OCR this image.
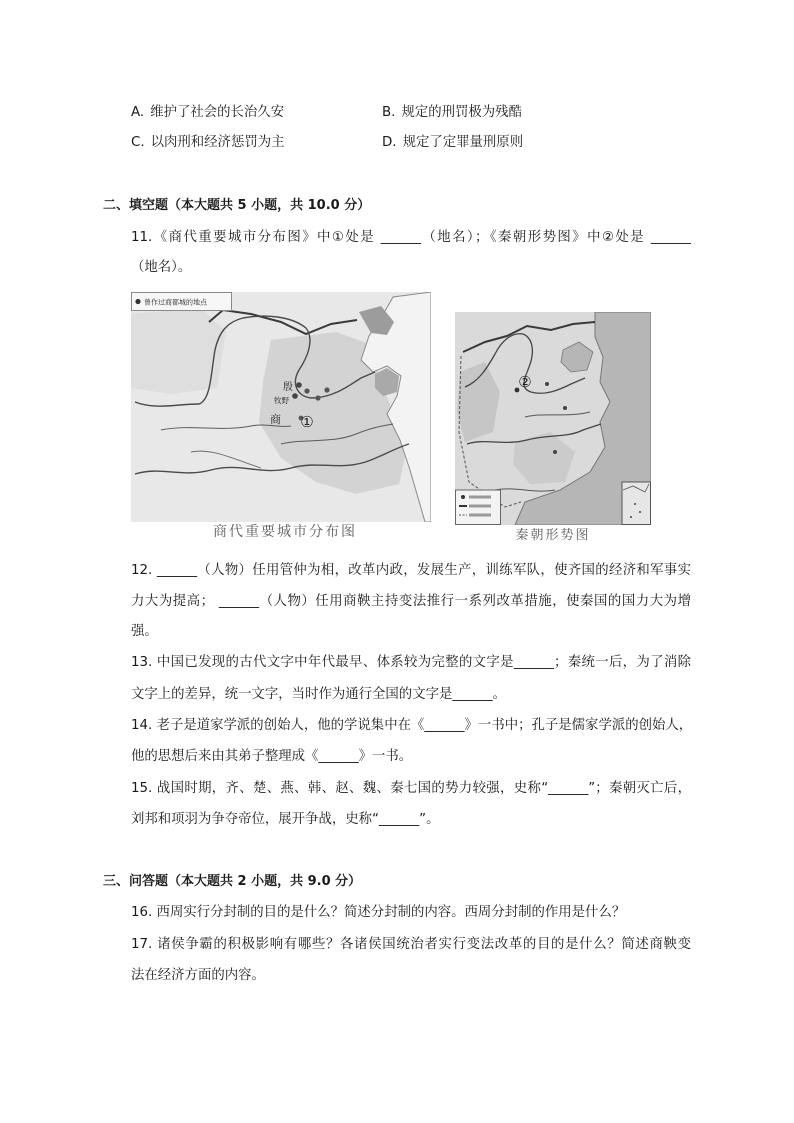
A. 维护了社会的长治久安	B. 规定的刑罚极为残酷
C. 以肉刑和经济惩罚为主	D. 规定了定罪量刑原则
二、填空题（本大题共 5 小题，共 10.0 分）
11.《商代重要城市分布图》中①处是 ______（地名）；《秦朝形势图》中②处是 ______
（地名）。
曾作过商都城的地点
殷
牧野
商 ①
商代重要城市分布图
②
秦朝形势图
12. ______（人物）任用管仲为相，改革内政，发展生产，训练军队，使齐国的经济和军事实
力大为提高； ______（人物）任用商鞅主持变法推行一系列改革措施，使秦国的国力大为增
强。
13. 中国已发现的古代文字中年代最早、体系较为完整的文字是______；秦统一后，为了消除
文字上的差异，统一文字，当时作为通行全国的文字是______。
14. 老子是道家学派的创始人，他的学说集中在《______》一书中；孔子是儒家学派的创始人，
他的思想后来由其弟子整理成《______》一书。
15. 战国时期，齐、楚、燕、韩、赵、魏、秦七国的势力较强，史称“______”；秦朝灭亡后，
刘邦和项羽为争夺帝位，展开争战，史称“______”。
三、问答题（本大题共 2 小题，共 9.0 分）
16. 西周实行分封制的目的是什么？简述分封制的内容。西周分封制的作用是什么？
17. 诸侯争霸的积极影响有哪些？各诸侯国统治者实行变法改革的目的是什么？简述商鞅变
法在经济方面的内容。
